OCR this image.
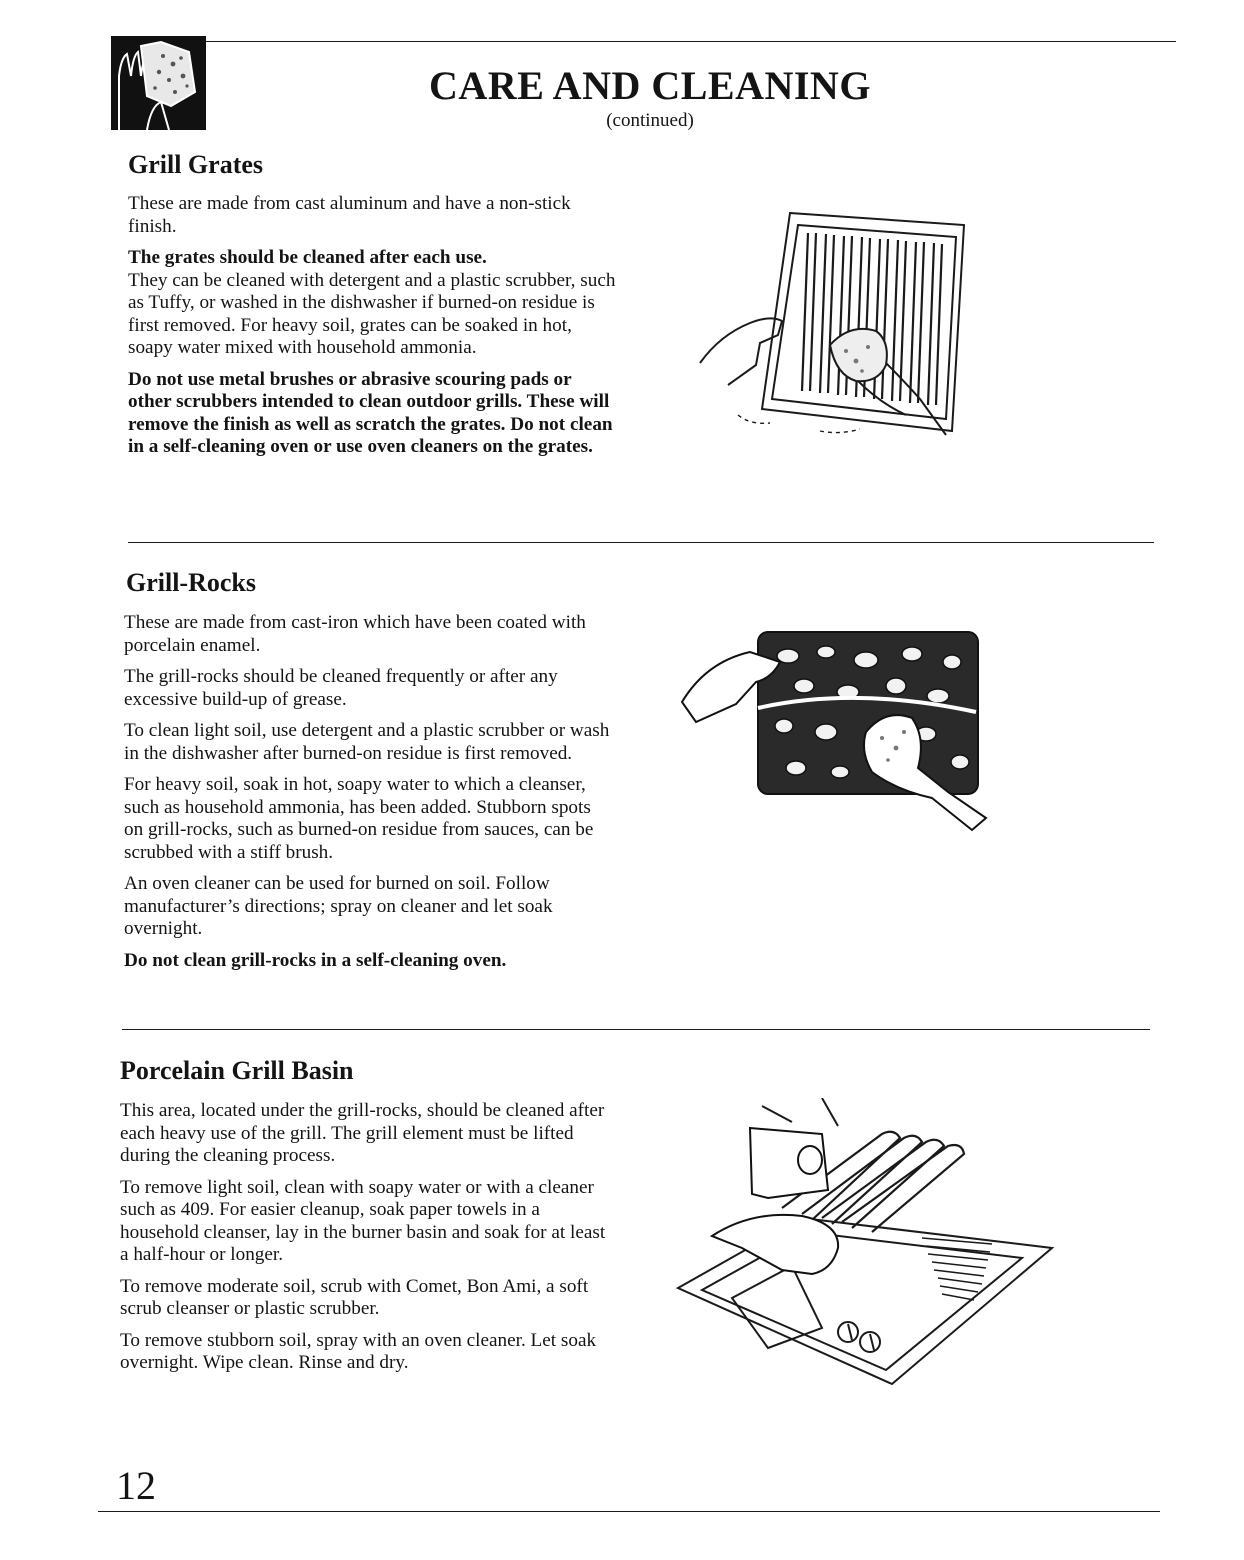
CARE AND CLEANING
(continued)
Grill Grates

These are made from cast aluminum and have a non-stick finish.

The grates should be cleaned after each use.
They can be cleaned with detergent and a plastic scrubber, such as Tuffy, or washed in the dishwasher if burned-on residue is first removed. For heavy soil, grates can be soaked in hot, soapy water mixed with household ammonia.

Do not use metal brushes or abrasive scouring pads or other scrubbers intended to clean outdoor grills. These will remove the finish as well as scratch the grates. Do not clean in a self-cleaning oven or use oven cleaners on the grates.

Grill-Rocks

These are made from cast-iron which have been coated with porcelain enamel.

The grill-rocks should be cleaned frequently or after any excessive build-up of grease.

To clean light soil, use detergent and a plastic scrubber or wash in the dishwasher after burned-on residue is first removed.

For heavy soil, soak in hot, soapy water to which a cleanser, such as household ammonia, has been added. Stubborn spots on grill-rocks, such as burned-on residue from sauces, can be scrubbed with a stiff brush.

An oven cleaner can be used for burned on soil. Follow manufacturer’s directions; spray on cleaner and let soak overnight.

Do not clean grill-rocks in a self-cleaning oven.

Porcelain Grill Basin

This area, located under the grill-rocks, should be cleaned after each heavy use of the grill. The grill element must be lifted during the cleaning process.

To remove light soil, clean with soapy water or with a cleaner such as 409. For easier cleanup, soak paper towels in a household cleanser, lay in the burner basin and soak for at least a half-hour or longer.

To remove moderate soil, scrub with Comet, Bon Ami, a soft scrub cleanser or plastic scrubber.

To remove stubborn soil, spray with an oven cleaner. Let soak overnight. Wipe clean. Rinse and dry.

12
